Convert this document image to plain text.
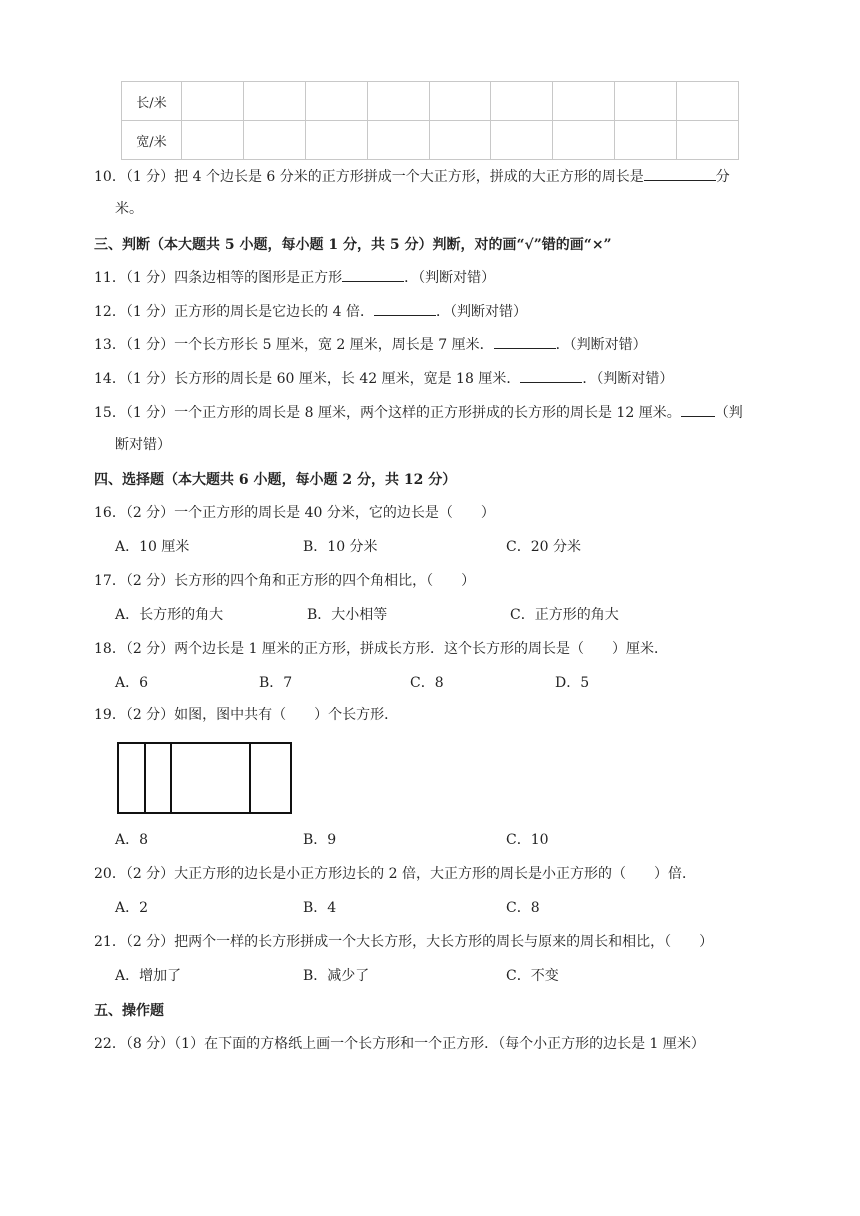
长/米									
宽/米									
10．（1 分）把 4 个边长是 6 分米的正方形拼成一个大正方形，拼成的大正方形的周长是	分
米。
三、判断（本大题共 5 小题，每小题 1 分，共 5 分）判断，对的画“√”错的画“×”
11．（1 分）四条边相等的图形是正方形	．（判断对错）
12．（1 分）正方形的周长是它边长的 4 倍．	．（判断对错）
13．（1 分）一个长方形长 5 厘米，宽 2 厘米，周长是 7 厘米．	．（判断对错）
14．（1 分）长方形的周长是 60 厘米，长 42 厘米，宽是 18 厘米．	．（判断对错）
15．（1 分）一个正方形的周长是 8 厘米，两个这样的正方形拼成的长方形的周长是 12 厘米。 （判
断对错）
四、选择题（本大题共 6 小题，每小题 2 分，共 12 分）
16．（2 分）一个正方形的周长是 40 分米，它的边长是（　　）
A．10 厘米	B．10 分米	C．20 分米
17．（2 分）长方形的四个角和正方形的四个角相比，（　　）
A．长方形的角大	B．大小相等	C．正方形的角大
18．（2 分）两个边长是 1 厘米的正方形，拼成长方形．这个长方形的周长是（　　）厘米．
A．6	B．7	C．8	D．5
19．（2 分）如图，图中共有（　　）个长方形．
A．8	B．9	C．10
20．（2 分）大正方形的边长是小正方形边长的 2 倍，大正方形的周长是小正方形的（　　）倍．
A．2	B．4	C．8
21．（2 分）把两个一样的长方形拼成一个大长方形，大长方形的周长与原来的周长和相比，（　　）
A．增加了	B．减少了	C．不变
五、操作题
22．（8 分）（1）在下面的方格纸上画一个长方形和一个正方形．（每个小正方形的边长是 1 厘米）
